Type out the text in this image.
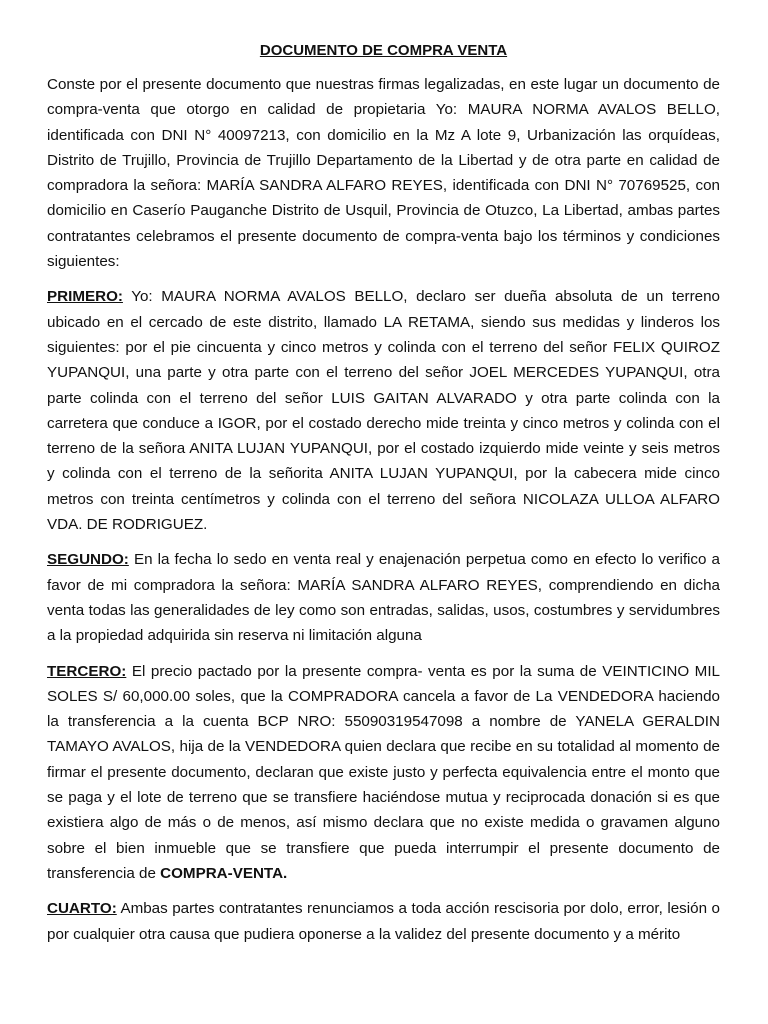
DOCUMENTO DE COMPRA VENTA

Conste por el presente documento que nuestras firmas legalizadas, en este lugar un documento de compra-venta que otorgo en calidad de propietaria Yo: MAURA NORMA AVALOS BELLO, identificada con DNI N° 40097213, con domicilio en la Mz A lote 9, Urbanización las orquídeas, Distrito de Trujillo, Provincia de Trujillo Departamento de la Libertad y de otra parte en calidad de compradora la señora: MARÍA SANDRA ALFARO REYES, identificada con DNI N° 70769525, con domicilio en Caserío Pauganche Distrito de Usquil, Provincia de Otuzco, La Libertad, ambas partes contratantes celebramos el presente documento de compra-venta bajo los términos y condiciones siguientes:

PRIMERO: Yo: MAURA NORMA AVALOS BELLO, declaro ser dueña absoluta de un terreno ubicado en el cercado de este distrito, llamado LA RETAMA, siendo sus medidas y linderos los siguientes: por el pie cincuenta y cinco metros y colinda con el terreno del señor FELIX QUIROZ YUPANQUI, una parte y otra parte con el terreno del señor JOEL MERCEDES YUPANQUI, otra parte colinda con el terreno del señor LUIS GAITAN ALVARADO y otra parte colinda con la carretera que conduce a IGOR, por el costado derecho mide treinta y cinco metros y colinda con el terreno de la señora ANITA LUJAN YUPANQUI, por el costado izquierdo mide veinte y seis metros y colinda con el terreno de la señorita ANITA LUJAN YUPANQUI, por la cabecera mide cinco metros con treinta centímetros y colinda con el terreno del señora NICOLAZA ULLOA ALFARO VDA. DE RODRIGUEZ.

SEGUNDO: En la fecha lo sedo en venta real y enajenación perpetua como en efecto lo verifico a favor de mi compradora la señora: MARÍA SANDRA ALFARO REYES, comprendiendo en dicha venta todas las generalidades de ley como son entradas, salidas, usos, costumbres y servidumbres a la propiedad adquirida sin reserva ni limitación alguna

TERCERO: El precio pactado por la presente compra- venta es por la suma de VEINTICINO MIL SOLES S/ 60,000.00 soles, que la COMPRADORA cancela a favor de La VENDEDORA haciendo la transferencia a la cuenta BCP NRO: 55090319547098 a nombre de YANELA GERALDIN TAMAYO AVALOS, hija de la VENDEDORA quien declara que recibe en su totalidad al momento de firmar el presente documento, declaran que existe justo y perfecta equivalencia entre el monto que se paga y el lote de terreno que se transfiere haciéndose mutua y reciprocada donación si es que existiera algo de más o de menos, así mismo declara que no existe medida o gravamen alguno sobre el bien inmueble que se transfiere que pueda interrumpir el presente documento de transferencia de COMPRA-VENTA.

CUARTO: Ambas partes contratantes renunciamos a toda acción rescisoria por dolo, error, lesión o por cualquier otra causa que pudiera oponerse a la validez del presente documento y a mérito
